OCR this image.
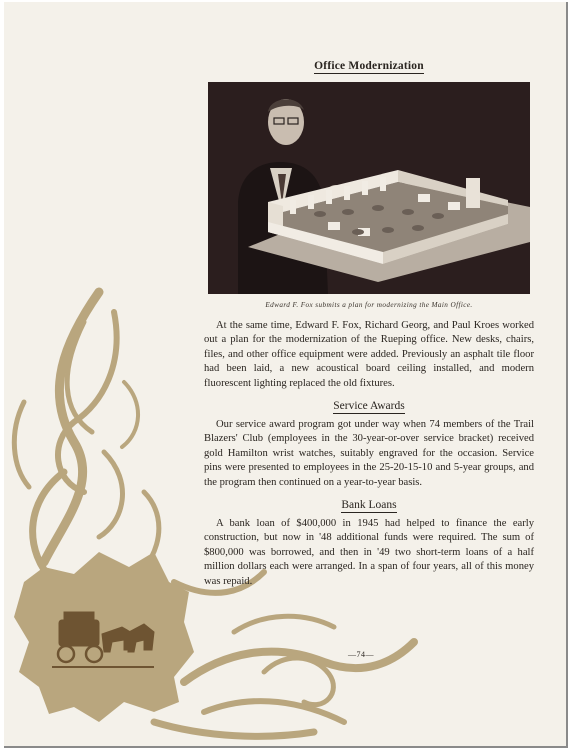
Office Modernization
Edward F. Fox submits a plan for modernizing the Main Office.

At the same time, Edward F. Fox, Richard Georg, and Paul Kroes worked out a plan for the modernization of the Rueping office. New desks, chairs, files, and other office equipment were added. Previously an asphalt tile floor had been laid, a new acoustical board ceiling installed, and modern fluorescent lighting replaced the old fixtures.

Service Awards

Our service award program got under way when 74 members of the Trail Blazers' Club (employees in the 30-year-or-over service bracket) received gold Hamilton wrist watches, suitably engraved for the occasion. Service pins were presented to employees in the 25-20-15-10 and 5-year groups, and the program then continued on a year-to-year basis.

Bank Loans

A bank loan of $400,000 in 1945 had helped to finance the early construction, but now in '48 additional funds were required. The sum of $800,000 was borrowed, and then in '49 two short-term loans of a half million dollars each were arranged. In a span of four years, all of this money was repaid.

—74—
